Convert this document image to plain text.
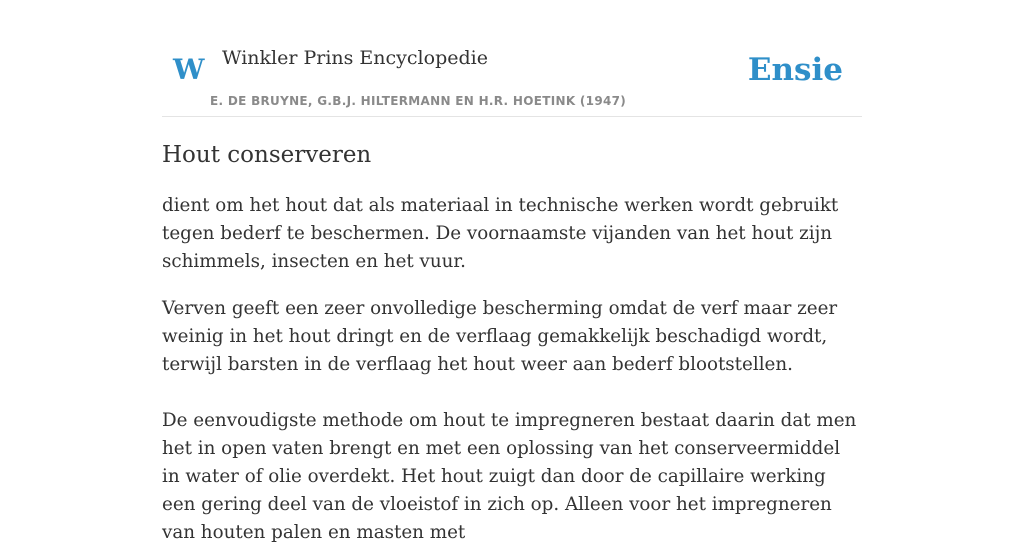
W Winkler Prins Encyclopedie
E. DE BRUYNE, G.B.J. HILTERMANN EN H.R. HOETINK (1947)
Ensie
Hout conserveren

dient om het hout dat als materiaal in technische werken wordt gebruikt tegen bederf te beschermen. De voornaamste vijanden van het hout zijn schimmels, insecten en het vuur.

Verven geeft een zeer onvolledige bescherming omdat de verf maar zeer weinig in het hout dringt en de verflaag gemakkelijk beschadigd wordt, terwijl barsten in de verflaag het hout weer aan bederf blootstellen.

De eenvoudigste methode om hout te impregneren bestaat daarin dat men het in open vaten brengt en met een oplossing van het conserveermiddel in water of olie overdekt. Het hout zuigt dan door de capillaire werking een gering deel van de vloeistof in zich op. Alleen voor het impregneren van houten palen en masten met
